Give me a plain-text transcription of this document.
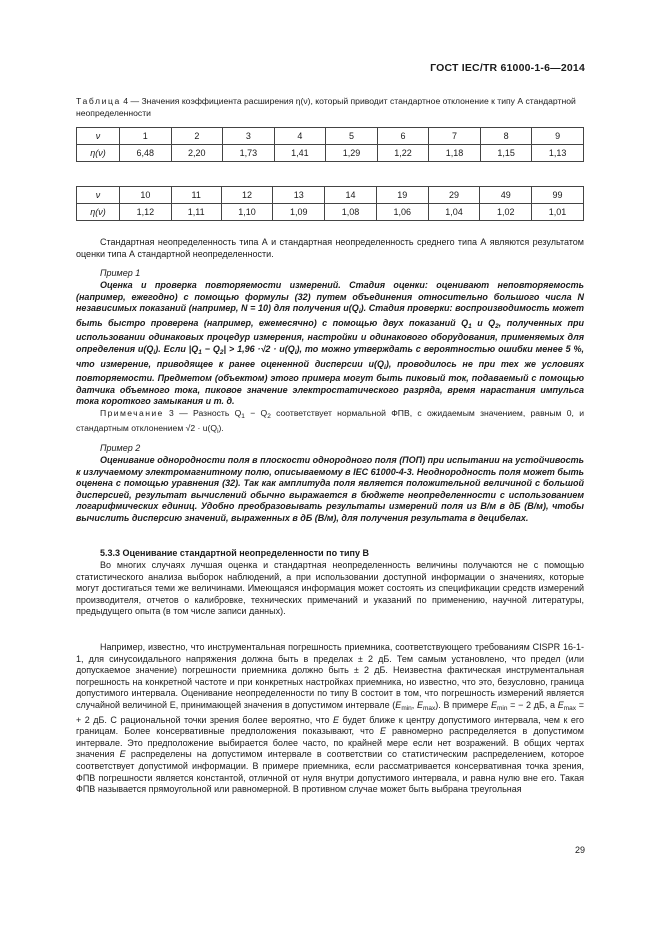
ГОСТ IEC/TR 61000-1-6—2014
Таблица 4 — Значения коэффициента расширения η(ν), который приводит стандартное отклонение к типу А стандартной неопределенности
ν	1	2	3	4	5	6	7	8	9
η(ν)	6,48	2,20	1,73	1,41	1,29	1,22	1,18	1,15	1,13
ν	10	11	12	13	14	19	29	49	99
η(ν)	1,12	1,11	1,10	1,09	1,08	1,06	1,04	1,02	1,01
Стандартная неопределенность типа А и стандартная неопределенность среднего типа А являются результатом оценки типа А стандартной неопределенности.
Пример 1
Оценка и проверка повторяемости измерений. Стадия оценки: оценивают неповторяемость (например, ежегодно) с помощью формулы (32) путем объединения относительно большого числа N независимых показаний (например, N = 10) для получения $u(Q_i)$. Стадия проверки: воспроизводимость может быть быстро проверена (например, ежемесячно) с помощью двух показаний $Q_1$ и $Q_2$, полученных при использовании одинаковых процедур измерения, настройки и одинакового оборудования, применяемых для определения $u(Q_i)$. Если $|Q_1 - Q_2| > 1,96 \cdot√2 \cdot u(Q_i)$, то можно утверждать с вероятностью ошибки менее 5 %, что измерение, приводящее к ранее оцененной дисперсии $u(Q_i)$, проводилось не при тех же условиях повторяемости. Предметом (объектом) этого примера могут быть пиковый ток, подаваемый с помощью датчика объемного тока, пиковое значение электростатического разряда, время нарастания импульса тока короткого замыкания и т. д.
Примечание 3 — Разность $Q_1 - Q_2$ соответствует нормальной ФПВ, с ожидаемым значением, равным 0, и стандартным отклонением $√2 \cdot u(Q_i)$.
Пример 2
Оценивание однородности поля в плоскости однородного поля (ПОП) при испытании на устойчивость к излучаемому электромагнитному полю, описываемому в IEC 61000-4-3. Неоднородность поля может быть оценена с помощью уравнения (32). Так как амплитуда поля является положительной величиной с большой дисперсией, результат вычислений обычно выражается в бюджете неопределенности с использованием логарифмических единиц. Удобно преобразовывать результаты измерений поля из В/м в дБ (В/м), чтобы вычислить дисперсию значений, выраженных в дБ (В/м), для получения результата в децибелах.
5.3.3 Оценивание стандартной неопределенности по типу В
Во многих случаях лучшая оценка и стандартная неопределенность величины получаются не с помощью статистического анализа выборок наблюдений, а при использовании доступной информации о значениях, которые могут достигаться теми же величинами. Имеющаяся информация может состоять из спецификации средств измерений производителя, отчетов о калибровке, технических примечаний и указаний по применению, научной литературы, предыдущего опыта (в том числе записи данных).
Например, известно, что инструментальная погрешность приемника, соответствующего требованиям CISPR 16-1-1, для синусоидального напряжения должна быть в пределах ± 2 дБ. Тем самым установлено, что предел (или допускаемое значение) погрешности приемника должно быть ± 2 дБ. Неизвестна фактическая инструментальная погрешность на конкретной частоте и при конкретных настройках приемника, но известно, что это, безусловно, граница допустимого интервала. Оценивание неопределенности по типу В состоит в том, что погрешность измерений является случайной величиной Е, принимающей значения в допустимом интервале ($E_{min}$, $E_{max}$). В примере $E_{min}$ = − 2 дБ, а $E_{max}$ = + 2 дБ. С рациональной точки зрения более вероятно, что E будет ближе к центру допустимого интервала, чем к его границам. Более консервативные предположения показывают, что E равномерно распределяется в допустимом интервале. Это предположение выбирается более часто, по крайней мере если нет возражений. В общих чертах значения E распределены на допустимом интервале в соответствии со статистическим распределением, которое соответствует допустимой информации. В примере приемника, если рассматривается консервативная точка зрения, ФПВ погрешности является константой, отличной от нуля внутри допустимого интервала, и равна нулю вне его. Такая ФПВ называется прямоугольной или равномерной. В противном случае может быть выбрана треугольная
29
